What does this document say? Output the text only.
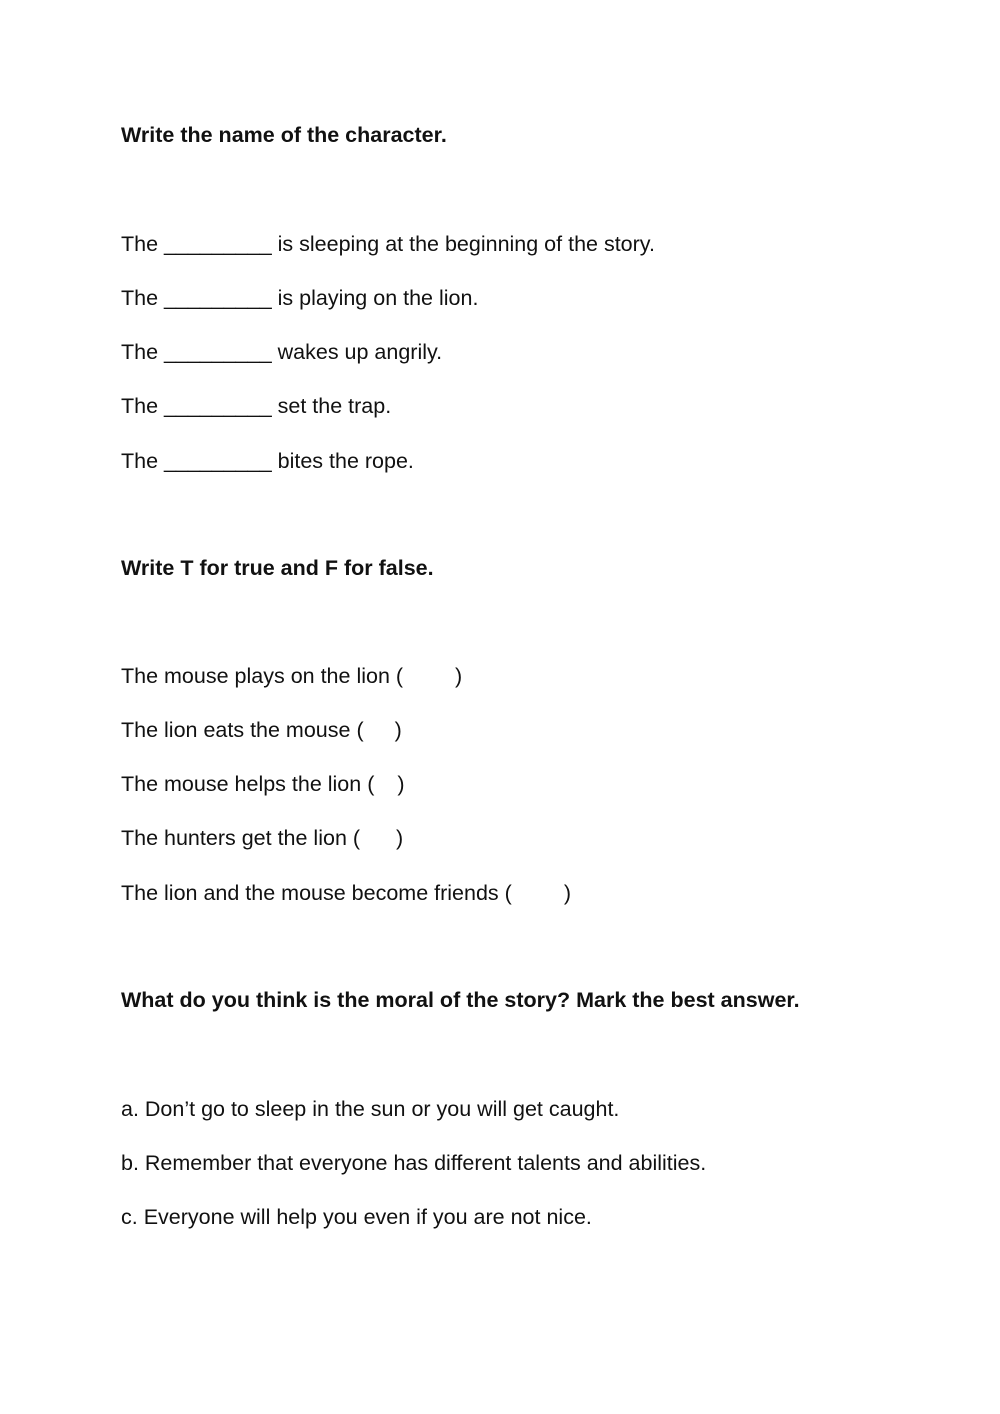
Write the name of the character.
The _________ is sleeping at the beginning of the story.
The _________ is playing on the lion.
The _________ wakes up angrily.
The _________ set the trap.
The _________ bites the rope.
Write T for true and F for false.
The mouse plays on the lion ( )
The lion eats the mouse ( )
The mouse helps the lion ( )
The hunters get the lion ( )
The lion and the mouse become friends ( )
What do you think is the moral of the story? Mark the best answer.
a. Don’t go to sleep in the sun or you will get caught.
b. Remember that everyone has different talents and abilities.
c. Everyone will help you even if you are not nice.
